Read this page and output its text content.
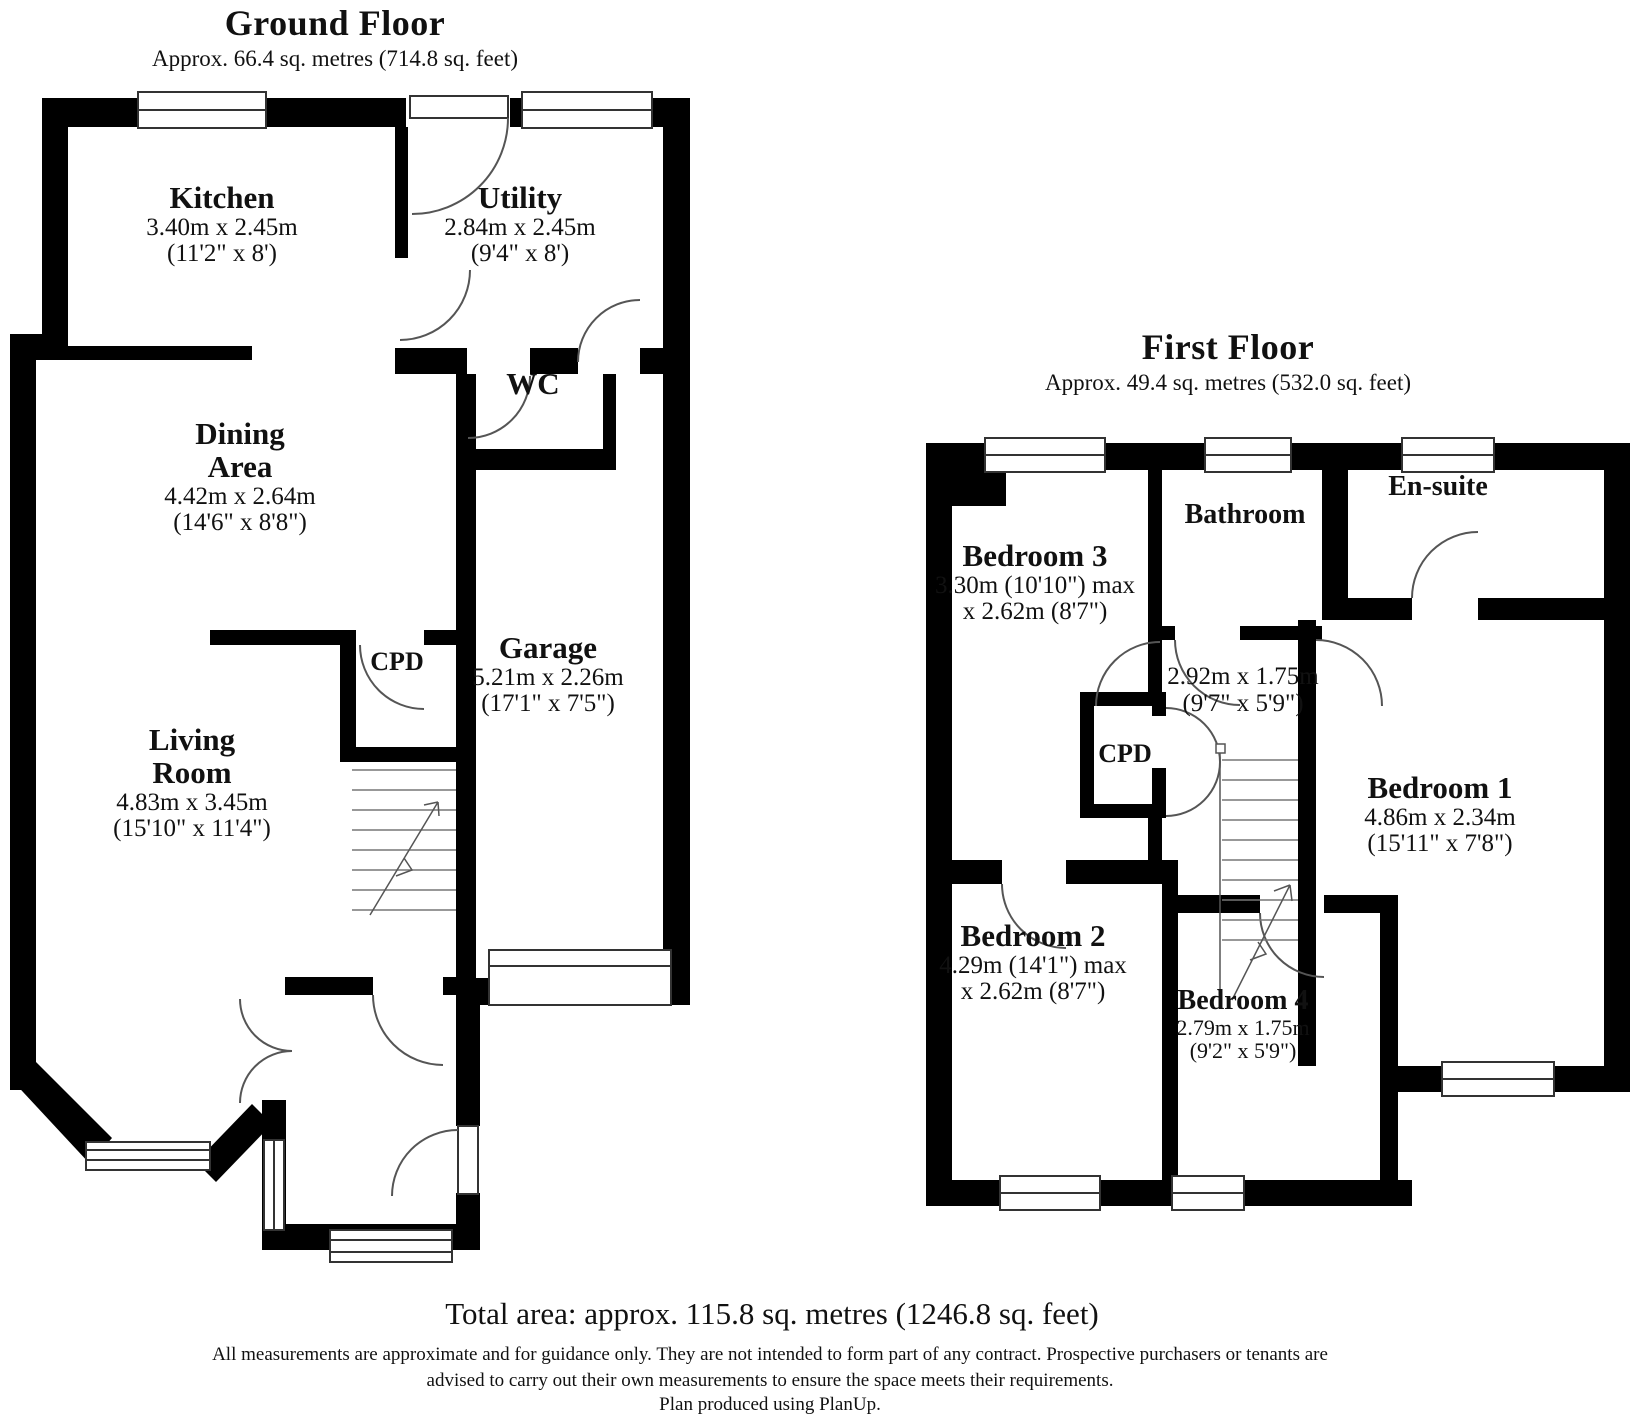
Ground Floor
Approx. 66.4 sq. metres (714.8 sq. feet)
First Floor
Approx. 49.4 sq. metres (532.0 sq. feet)
Kitchen
3.40m x 2.45m
(11'2" x 8')
Utility
2.84m x 2.45m
(9'4" x 8')
WC
Dining
Area
4.42m x 2.64m
(14'6" x 8'8")
CPD	Garage
5.21m x 2.26m
(17'1" x 7'5")
Living
Room
4.83m x 3.45m
(15'10" x 11'4")
Bedroom 3
3.30m (10'10") max
x 2.62m (8'7")
Bathroom
En-suite
2.92m x 1.75m
(9'7" x 5'9")
CPD
Bedroom 1
4.86m x 2.34m
(15'11" x 7'8")
Bedroom 2
4.29m (14'1") max
x 2.62m (8'7")	Bedroom 4
2.79m x 1.75m
(9'2" x 5'9")
Total area: approx. 115.8 sq. metres (1246.8 sq. feet)
All measurements are approximate and for guidance only. They are not intended to form part of any contract. Prospective purchasers or tenants are
advised to carry out their own measurements to ensure the space meets their requirements.
Plan produced using PlanUp.
